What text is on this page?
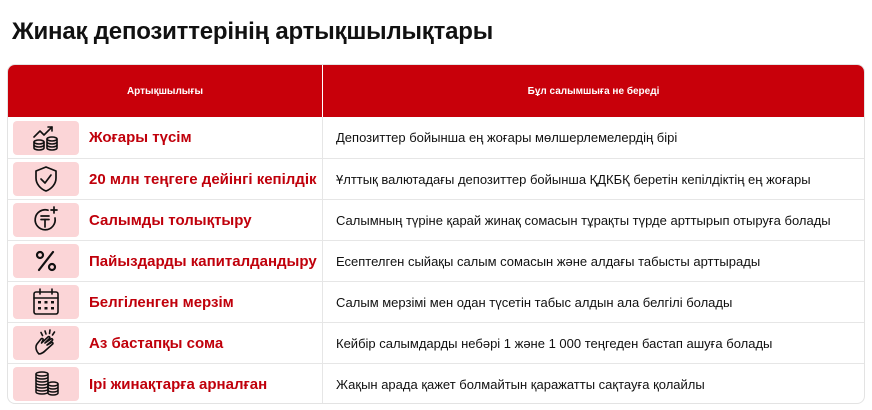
Жинақ депозиттерінің артықшылықтары
Артықшылығы	Бұл салымшыға не береді
Жоғары түсім	Депозиттер бойынша ең жоғары мөлшерлемелердің бірі
20 млн теңгеге дейінгі кепілдік	Ұлттық валютадағы депозиттер бойынша ҚДКБҚ беретін кепілдіктің ең жоғары
Салымды толықтыру	Салымның түріне қарай жинақ сомасын тұрақты түрде арттырып отыруға болады
Пайыздарды капиталдандыру	Есептелген сыйақы салым сомасын және алдағы табысты арттырады
Белгіленген мерзім	Салым мерзімі мен одан түсетін табыс алдын ала белгілі болады
Аз бастапқы сома	Кейбір салымдарды небәрі 1 және 1 000 теңгеден бастап ашуға болады
Ірі жинақтарға арналған	Жақын арада қажет болмайтын қаражатты сақтауға қолайлы
